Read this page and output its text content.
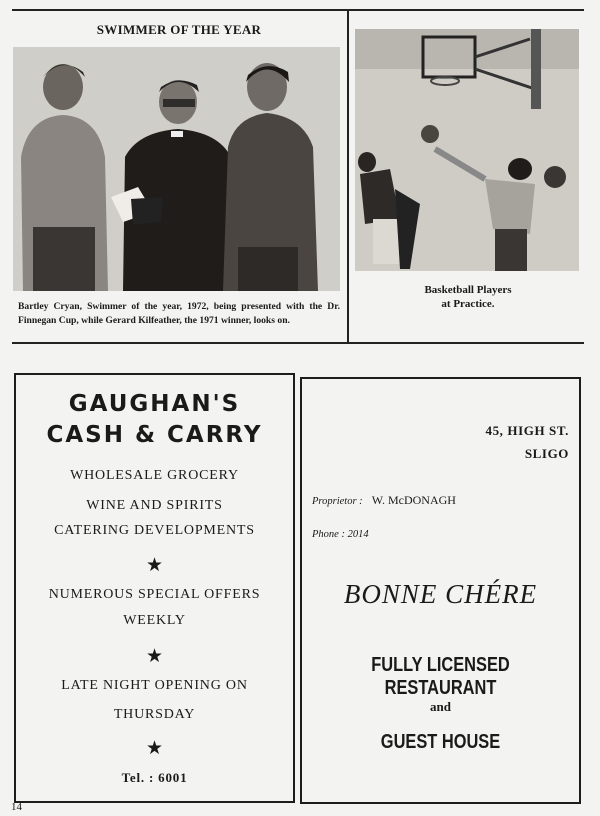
SWIMMER OF THE YEAR
Bartley Cryan, Swimmer of the year, 1972, being presented with the Dr. Finnegan Cup, while Gerard Kilfeather, the 1971 winner, looks on.
Basketball Players
at Practice.
GAUGHAN'S
CASH & CARRY
WHOLESALE GROCERY
WINE AND SPIRITS
CATERING DEVELOPMENTS
★
NUMEROUS SPECIAL OFFERS
WEEKLY
★
LATE NIGHT OPENING ON
THURSDAY
★
Tel. : 6001
45, HIGH ST.
SLIGO
Proprietor : W. McDONAGH
Phone : 2014
BONNE CHÉRE
FULLY LICENSED RESTAURANT
and
GUEST HOUSE
14
